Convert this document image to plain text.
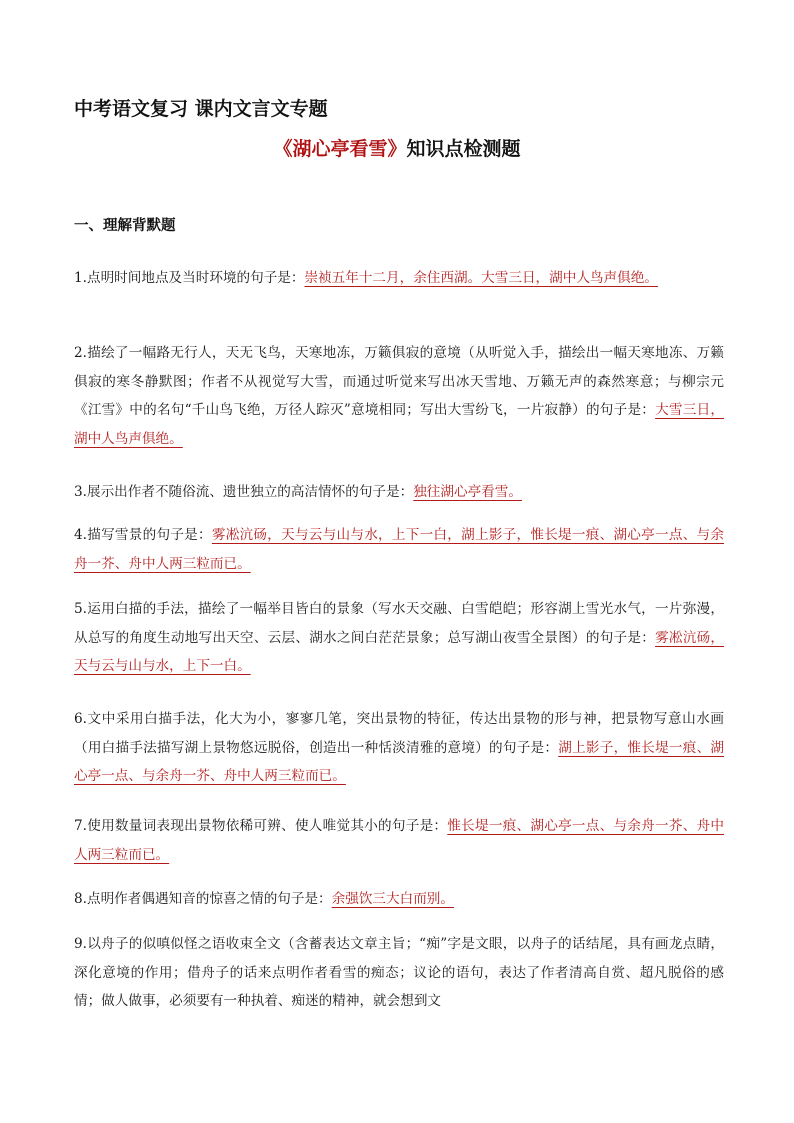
中考语文复习 课内文言文专题
《湖心亭看雪》知识点检测题
一、理解背默题
1.点明时间地点及当时环境的句子是：崇祯五年十二月，余住西湖。大雪三日，湖中人鸟声俱绝。
2.描绘了一幅路无行人，天无飞鸟，天寒地冻，万籁俱寂的意境（从听觉入手，描绘出一幅天寒地冻、万籁俱寂的寒冬静默图；作者不从视觉写大雪，而通过听觉来写出冰天雪地、万籁无声的森然寒意；与柳宗元《江雪》中的名句“千山鸟飞绝，万径人踪灭”意境相同；写出大雪纷飞，一片寂静）的句子是：大雪三日，湖中人鸟声俱绝。
3.展示出作者不随俗流、遗世独立的高洁情怀的句子是：独往湖心亭看雪。
4.描写雪景的句子是：雾凇沆砀，天与云与山与水，上下一白，湖上影子，惟长堤一痕、湖心亭一点、与余舟一芥、舟中人两三粒而已。
5.运用白描的手法，描绘了一幅举目皆白的景象（写水天交融、白雪皑皑；形容湖上雪光水气，一片弥漫，从总写的角度生动地写出天空、云层、湖水之间白茫茫景象；总写湖山夜雪全景图）的句子是：雾凇沆砀，天与云与山与水，上下一白。
6.文中采用白描手法，化大为小，寥寥几笔，突出景物的特征，传达出景物的形与神，把景物写意山水画（用白描手法描写湖上景物悠远脱俗，创造出一种恬淡清雅的意境）的句子是：湖上影子，惟长堤一痕、湖心亭一点、与余舟一芥、舟中人两三粒而已。
7.使用数量词表现出景物依稀可辨、使人唯觉其小的句子是：惟长堤一痕、湖心亭一点、与余舟一芥、舟中人两三粒而已。
8.点明作者偶遇知音的惊喜之情的句子是：余强饮三大白而别。
9.以舟子的似嗔似怪之语收束全文（含蓄表达文章主旨；“痴”字是文眼，以舟子的话结尾，具有画龙点睛，深化意境的作用；借舟子的话来点明作者看雪的痴态；议论的语句，表达了作者清高自赏、超凡脱俗的感情；做人做事，必须要有一种执着、痴迷的精神，就会想到文
